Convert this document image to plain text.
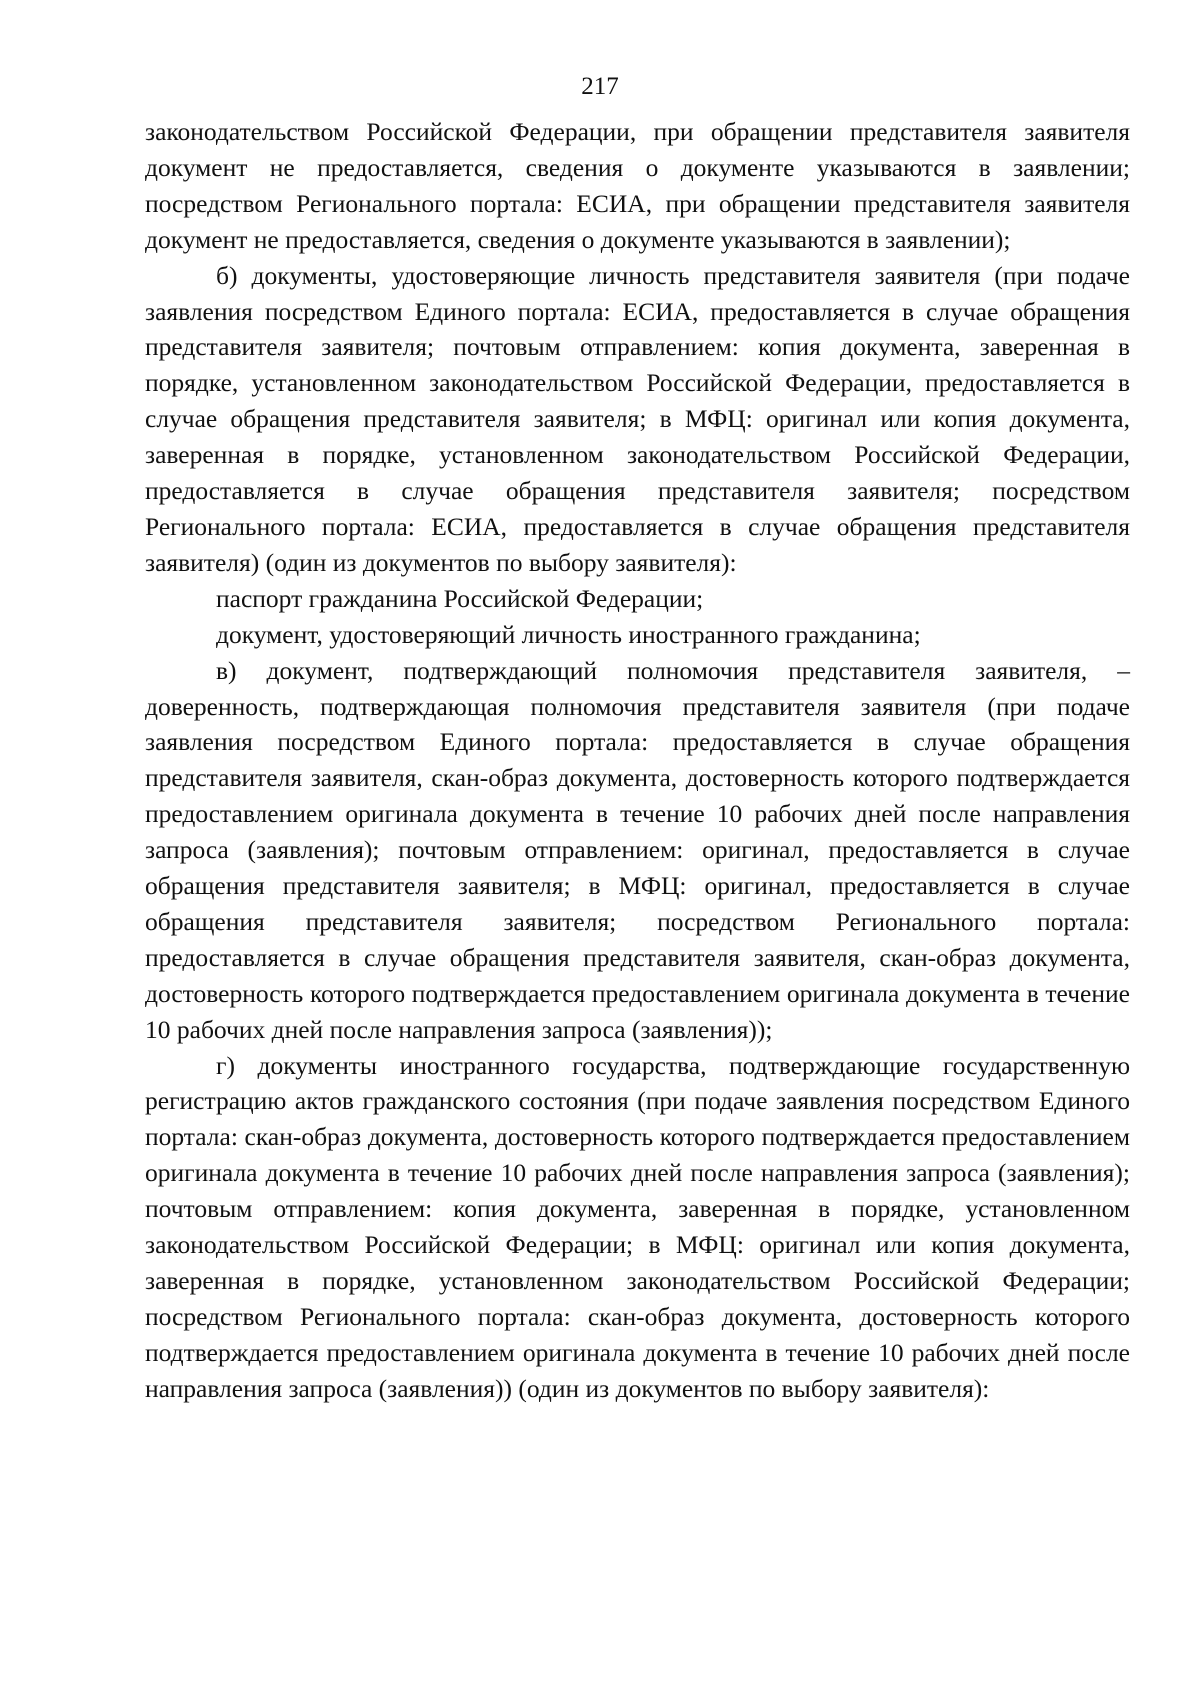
217

законодательством Российской Федерации, при обращении представителя заявителя документ не предоставляется, сведения о документе указываются в заявлении; посредством Регионального портала: ЕСИА, при обращении представителя заявителя документ не предоставляется, сведения о документе указываются в заявлении);

б) документы, удостоверяющие личность представителя заявителя (при подаче заявления посредством Единого портала: ЕСИА, предоставляется в случае обращения представителя заявителя; почтовым отправлением: копия документа, заверенная в порядке, установленном законодательством Российской Федерации, предоставляется в случае обращения представителя заявителя; в МФЦ: оригинал или копия документа, заверенная в порядке, установленном законодательством Российской Федерации, предоставляется в случае обращения представителя заявителя; посредством Регионального портала: ЕСИА, предоставляется в случае обращения представителя заявителя) (один из документов по выбору заявителя):

паспорт гражданина Российской Федерации;

документ, удостоверяющий личность иностранного гражданина;

в) документ, подтверждающий полномочия представителя заявителя, – доверенность, подтверждающая полномочия представителя заявителя (при подаче заявления посредством Единого портала: предоставляется в случае обращения представителя заявителя, скан-образ документа, достоверность которого подтверждается предоставлением оригинала документа в течение 10 рабочих дней после направления запроса (заявления); почтовым отправлением: оригинал, предоставляется в случае обращения представителя заявителя; в МФЦ: оригинал, предоставляется в случае обращения представителя заявителя; посредством Регионального портала: предоставляется в случае обращения представителя заявителя, скан-образ документа, достоверность которого подтверждается предоставлением оригинала документа в течение 10 рабочих дней после направления запроса (заявления));

г) документы иностранного государства, подтверждающие государственную регистрацию актов гражданского состояния (при подаче заявления посредством Единого портала: скан-образ документа, достоверность которого подтверждается предоставлением оригинала документа в течение 10 рабочих дней после направления запроса (заявления); почтовым отправлением: копия документа, заверенная в порядке, установленном законодательством Российской Федерации; в МФЦ: оригинал или копия документа, заверенная в порядке, установленном законодательством Российской Федерации; посредством Регионального портала: скан-образ документа, достоверность которого подтверждается предоставлением оригинала документа в течение 10 рабочих дней после направления запроса (заявления)) (один из документов по выбору заявителя):
